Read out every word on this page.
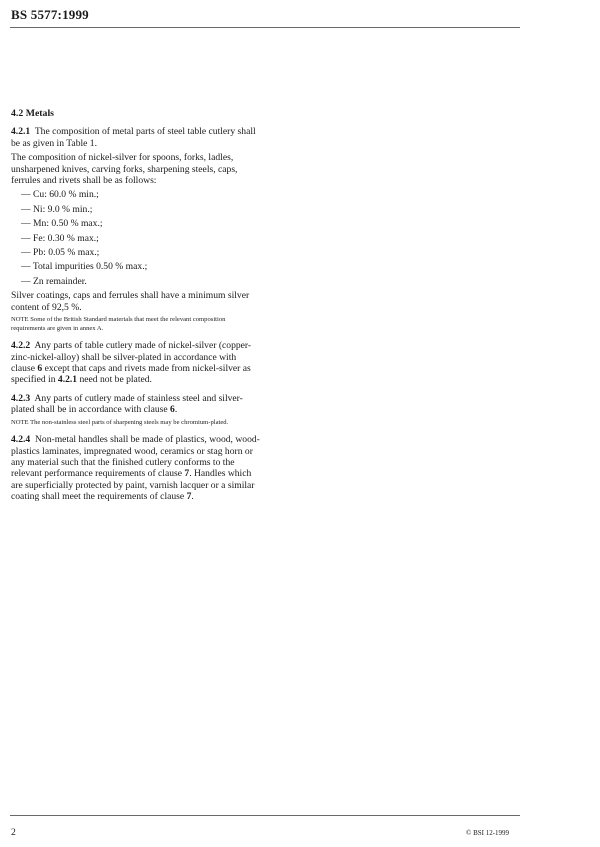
BS 5577:1999
4.2 Metals

4.2.1 The composition of metal parts of steel table cutlery shall be as given in Table 1.

The composition of nickel-silver for spoons, forks, ladles, unsharpened knives, carving forks, sharpening steels, caps, ferrules and rivets shall be as follows:

— Cu: 60.0 % min.;
— Ni: 9.0 % min.;
— Mn: 0.50 % max.;
— Fe: 0.30 % max.;
— Pb: 0.05 % max.;
— Total impurities 0.50 % max.;
— Zn remainder.

Silver coatings, caps and ferrules shall have a minimum silver content of 92,5 %.

NOTE Some of the British Standard materials that meet the relevant composition requirements are given in annex A.

4.2.2 Any parts of table cutlery made of nickel-silver (copper-zinc-nickel-alloy) shall be silver-plated in accordance with clause 6 except that caps and rivets made from nickel-silver as specified in 4.2.1 need not be plated.

4.2.3 Any parts of cutlery made of stainless steel and silver-plated shall be in accordance with clause 6.

NOTE The non-stainless steel parts of sharpening steels may be chromium-plated.

4.2.4 Non-metal handles shall be made of plastics, wood, wood-plastics laminates, impregnated wood, ceramics or stag horn or any material such that the finished cutlery conforms to the relevant performance requirements of clause 7. Handles which are superficially protected by paint, varnish lacquer or a similar coating shall meet the requirements of clause 7.

2	© BSI 12-1999
